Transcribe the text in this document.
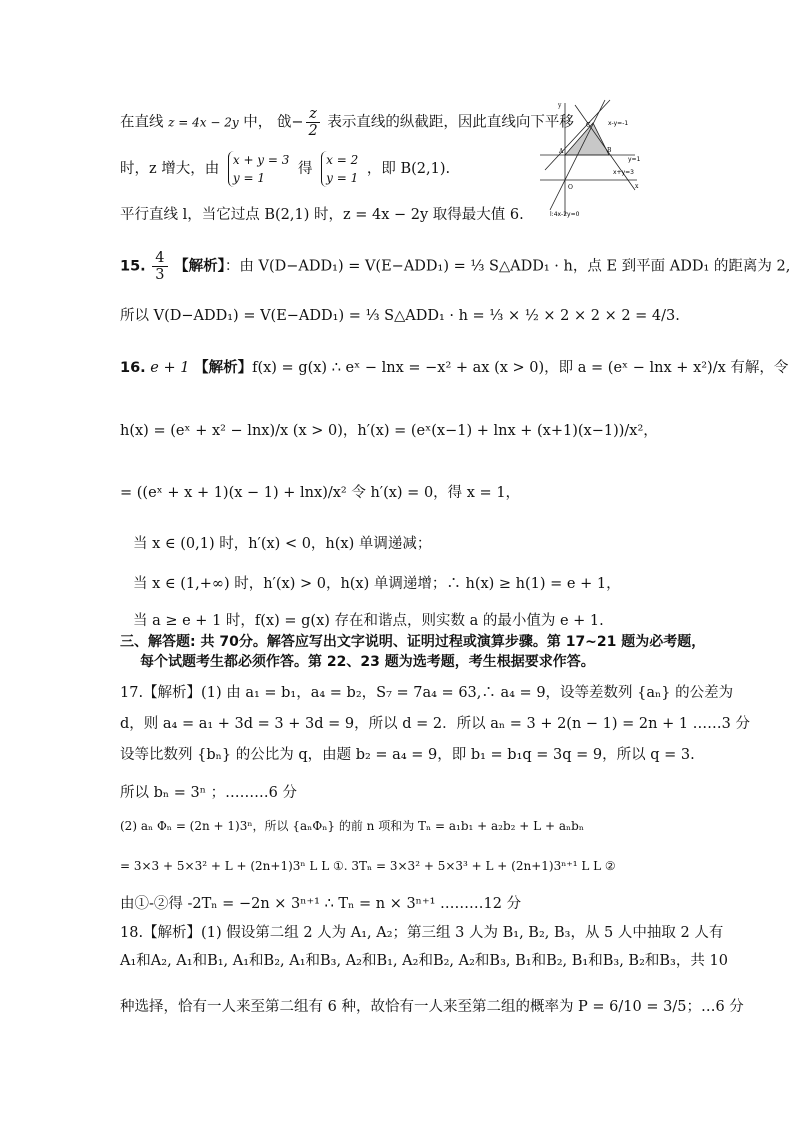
在直线 z = 4x − 2y 中， 戗− $\frac{z}{2}$ 表示直线的纵截距，因此直线向下平移
时，z 增大，由
x + y = 3
y = 1
得
x = 2
y = 1
，即 B(2,1).
平行直线 l，当它过点 B(2,1) 时，z = 4x − 2y 取得最大值 6.
x-y=-1
y=1
x+y=3
l:4x-2y=0
A	B
C
O	x
y
15. $\frac{4}{3}$ 【解析】：由 V(D−ADD₁) = V(E−ADD₁) = ⅓ S△ADD₁ · h，点 E 到平面 ADD₁ 的距离为 2,
所以 V(D−ADD₁) = V(E−ADD₁) = ⅓ S△ADD₁ · h = ⅓ × ½ × 2 × 2 × 2 = 4/3.
16. e + 1 【解析】f(x) = g(x) ∴ eˣ − lnx = −x² + ax (x > 0)，即 a = (eˣ − lnx + x²)/x 有解，令
h(x) = (eˣ + x² − lnx)/x (x > 0)，h′(x) = (eˣ(x−1) + lnx + (x+1)(x−1))/x²，
= ((eˣ + x + 1)(x − 1) + lnx)/x² 令 h′(x) = 0，得 x = 1，
当 x ∈ (0,1) 时，h′(x) < 0，h(x) 单调递减；
当 x ∈ (1,+∞) 时，h′(x) > 0，h(x) 单调递增；∴ h(x) ≥ h(1) = e + 1，
当 a ≥ e + 1 时，f(x) = g(x) 存在和谐点，则实数 a 的最小值为 e + 1.
三、解答题: 共 70分。解答应写出文字说明、证明过程或演算步骤。第 17~21 题为必考题，
每个试题考生都必须作答。第 22、23 题为选考题，考生根据要求作答。
17.【解析】(1) 由 a₁ = b₁，a₄ = b₂，S₇ = 7a₄ = 63,∴ a₄ = 9，设等差数列 {aₙ} 的公差为
d，则 a₄ = a₁ + 3d = 3 + 3d = 9，所以 d = 2．所以 aₙ = 3 + 2(n − 1) = 2n + 1 ……3 分
设等比数列 {bₙ} 的公比为 q，由题 b₂ = a₄ = 9，即 b₁ = b₁q = 3q = 9，所以 q = 3.
所以 bₙ = 3ⁿ ；………6 分
(2) aₙ Φₙ = (2n + 1)3ⁿ，所以 {aₙΦₙ} 的前 n 项和为 Tₙ = a₁b₁ + a₂b₂ + L + aₙbₙ
= 3×3 + 5×3² + L + (2n+1)3ⁿ L L ①. 3Tₙ = 3×3² + 5×3³ + L + (2n+1)3ⁿ⁺¹ L L ②
由①-②得 -2Tₙ = −2n × 3ⁿ⁺¹ ∴ Tₙ = n × 3ⁿ⁺¹ ………12 分
18.【解析】(1) 假设第二组 2 人为 A₁, A₂；第三组 3 人为 B₁, B₂, B₃，从 5 人中抽取 2 人有
A₁和A₂, A₁和B₁, A₁和B₂, A₁和B₃, A₂和B₁, A₂和B₂, A₂和B₃, B₁和B₂, B₁和B₃, B₂和B₃，共 10
种选择，恰有一人来至第二组有 6 种，故恰有一人来至第二组的概率为 P = 6/10 = 3/5；…6 分
